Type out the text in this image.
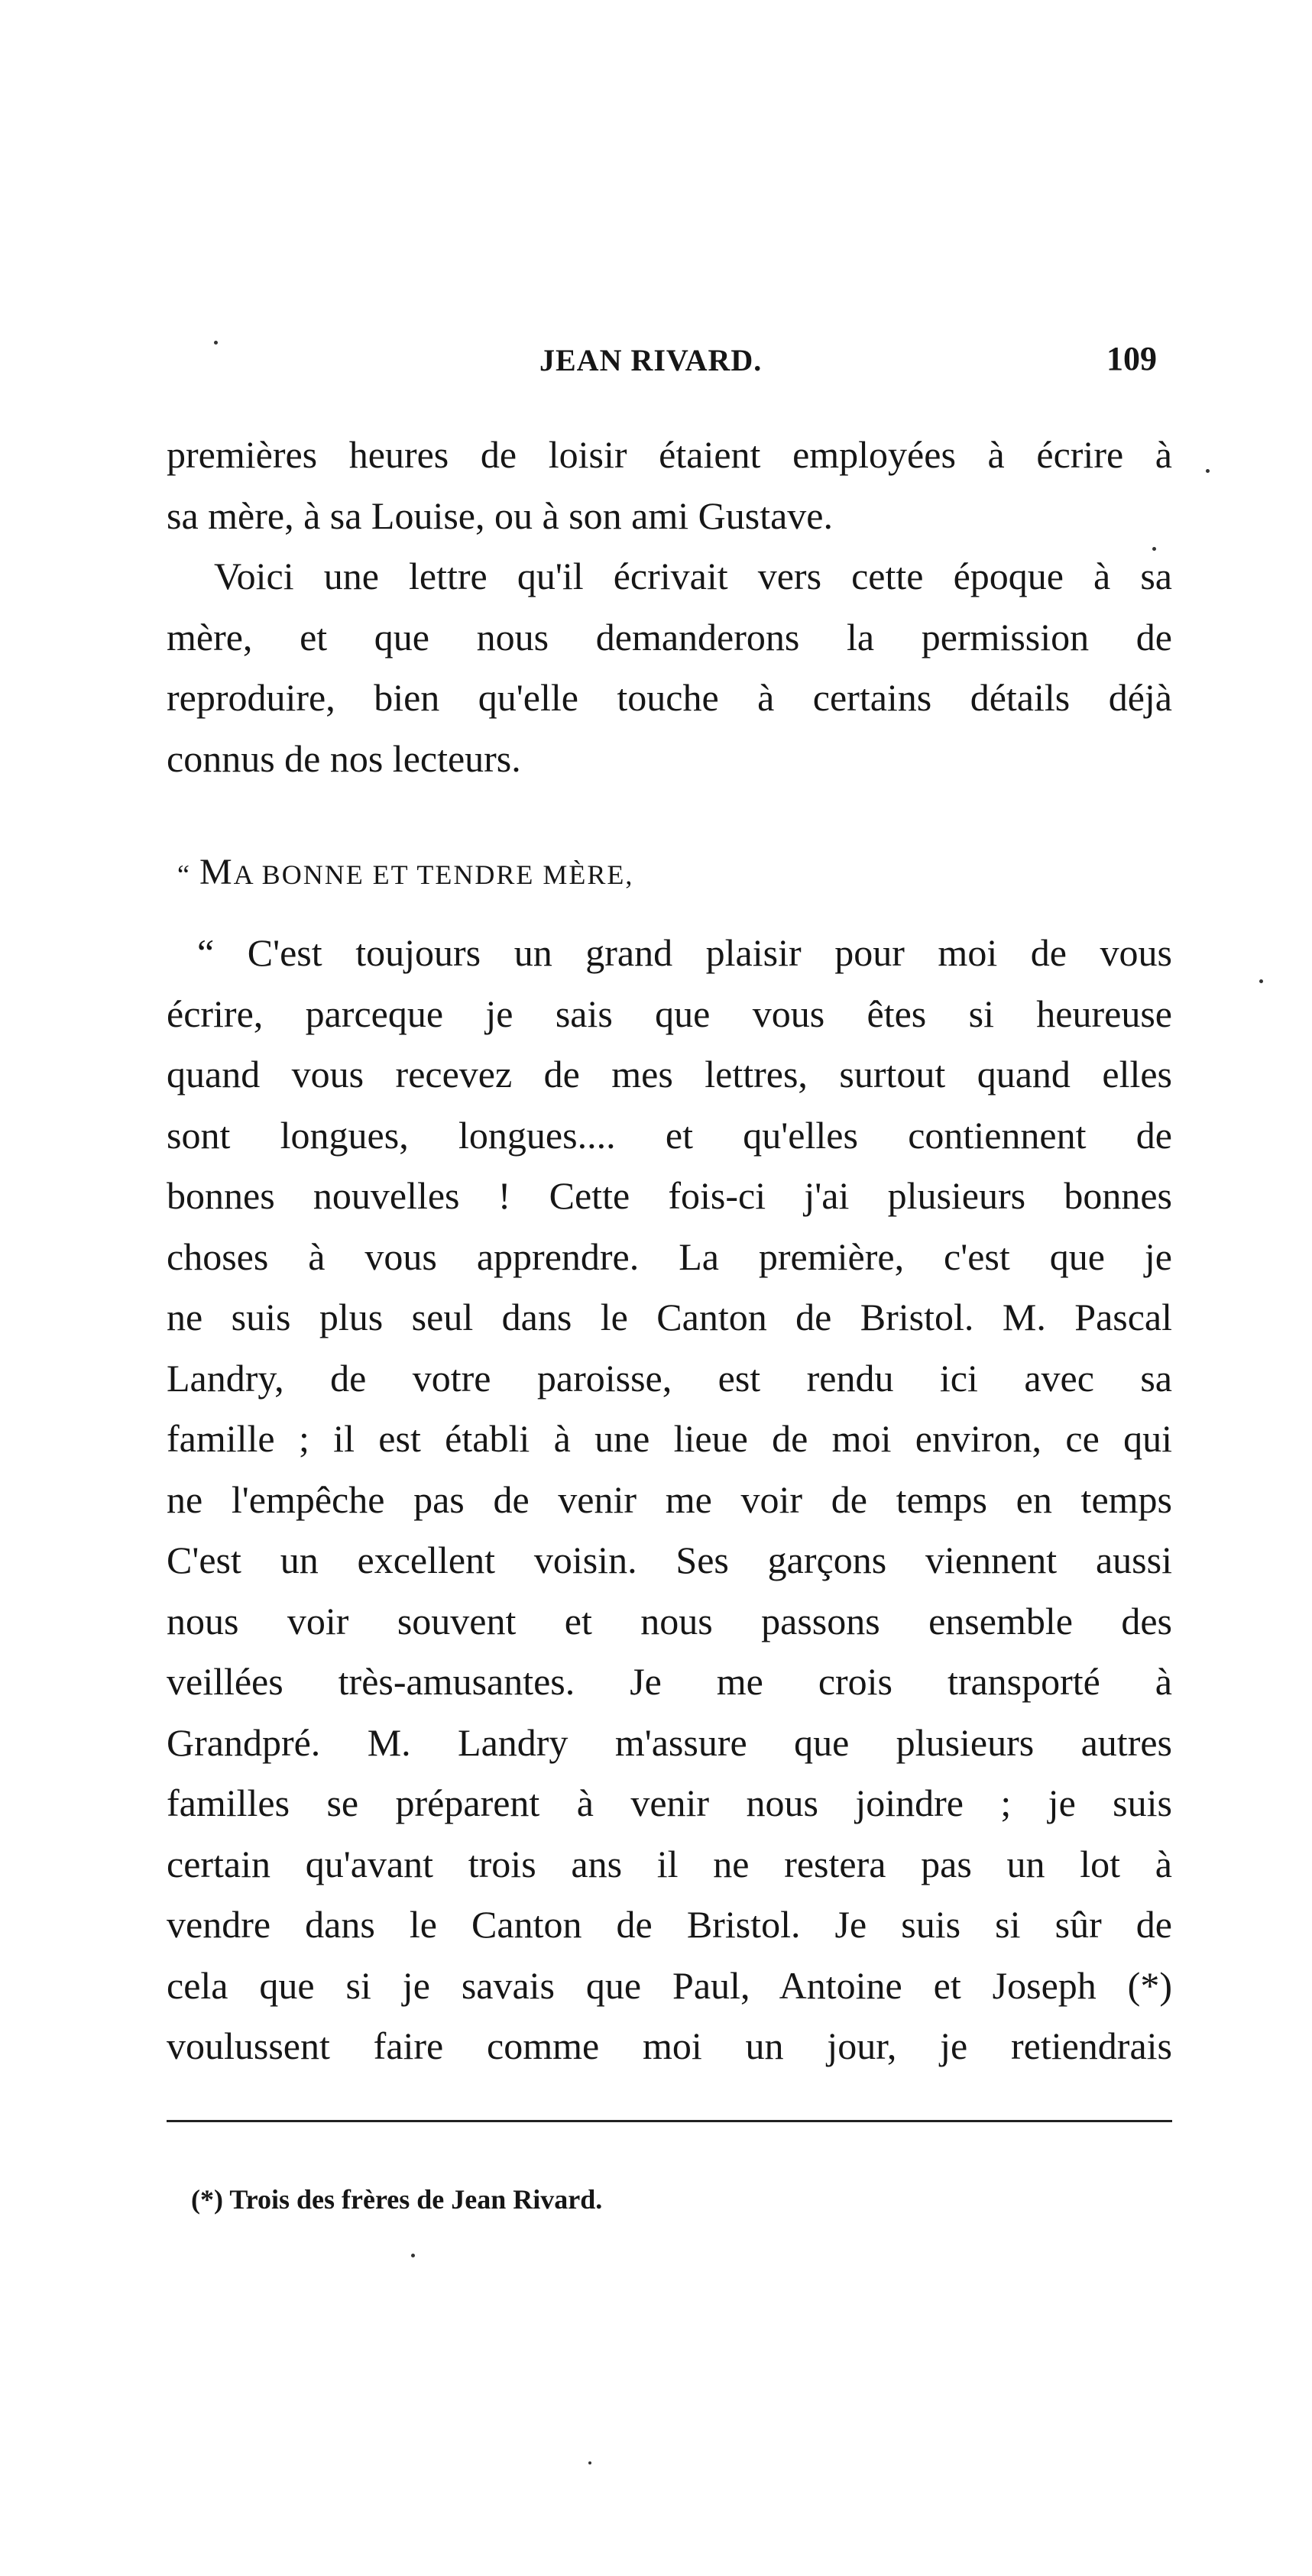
JEAN RIVARD.	109
premières heures de loisir étaient employées à écrire à
sa mère, à sa Louise, ou à son ami Gustave.
Voici une lettre qu'il écrivait vers cette époque à sa
mère, et que nous demanderons la permission de
reproduire, bien qu'elle touche à certains détails déjà
connus de nos lecteurs.
“ MA BONNE ET TENDRE MÈRE,
“ C'est toujours un grand plaisir pour moi de vous
écrire, parceque je sais que vous êtes si heureuse
quand vous recevez de mes lettres, surtout quand elles
sont longues, longues.... et qu'elles contiennent de
bonnes nouvelles ! Cette fois-ci j'ai plusieurs bonnes
choses à vous apprendre. La première, c'est que je
ne suis plus seul dans le Canton de Bristol. M. Pascal
Landry, de votre paroisse, est rendu ici avec sa
famille ; il est établi à une lieue de moi environ, ce qui
ne l'empêche pas de venir me voir de temps en temps
C'est un excellent voisin. Ses garçons viennent aussi
nous voir souvent et nous passons ensemble des
veillées très-amusantes. Je me crois transporté à
Grandpré. M. Landry m'assure que plusieurs autres
familles se préparent à venir nous joindre ; je suis
certain qu'avant trois ans il ne restera pas un lot à
vendre dans le Canton de Bristol. Je suis si sûr de
cela que si je savais que Paul, Antoine et Joseph (*)
voulussent faire comme moi un jour, je retiendrais
(*) Trois des frères de Jean Rivard.
